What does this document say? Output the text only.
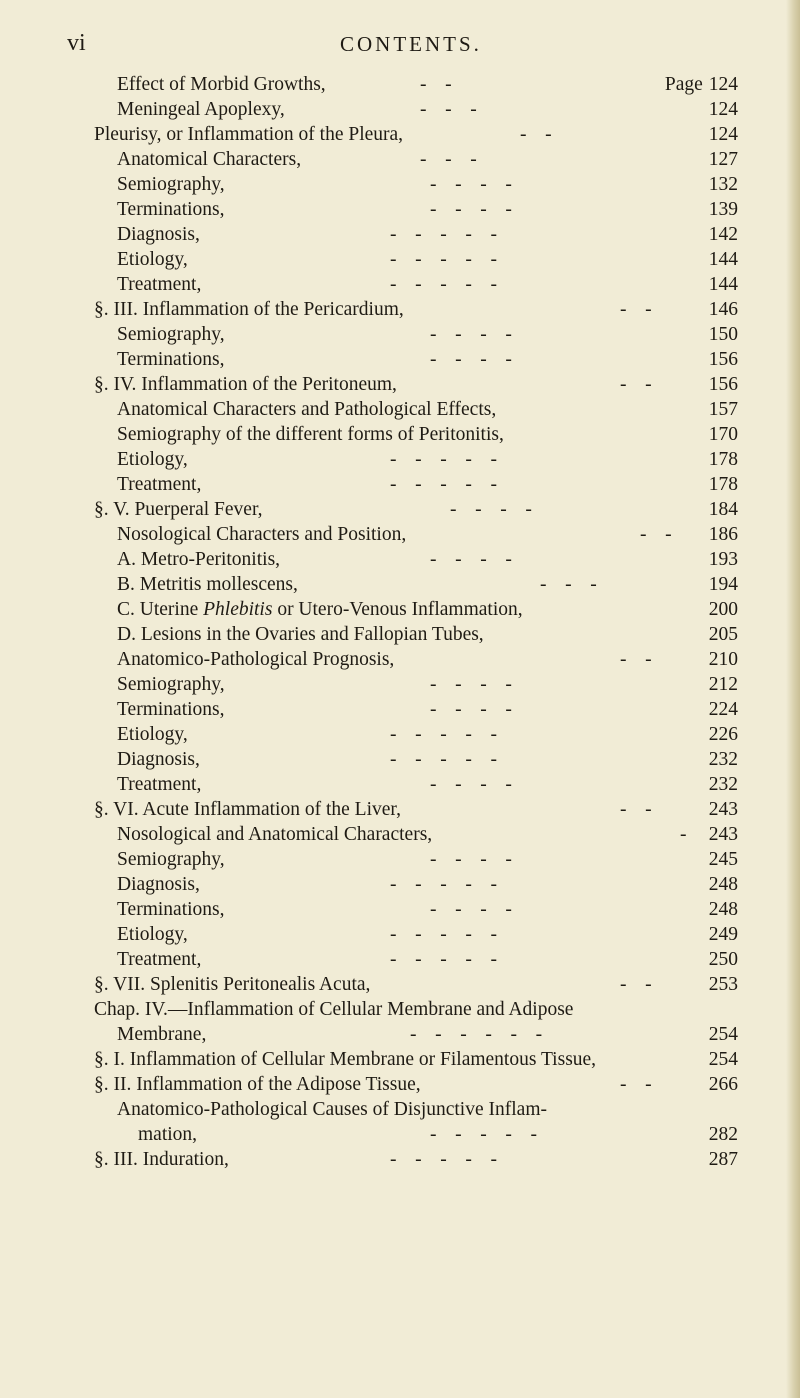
vi	CONTENTS.
Effect of Morbid Growths,	-   -	Page 124
Meningeal Apoplexy,	-   -   -	124
Pleurisy, or Inflammation of the Pleura,	-   -	124
Anatomical Characters,	-   -   -	127
Semiography,	-   -   -   -	132
Terminations,	-   -   -   -	139
Diagnosis,	-   -   -   -   -	142
Etiology,	-   -   -   -   -	144
Treatment,	-   -   -   -   -	144
§. III. Inflammation of the Pericardium,	-   -	146
Semiography,	-   -   -   -	150
Terminations,	-   -   -   -	156
§. IV. Inflammation of the Peritoneum,	-   -	156
Anatomical Characters and Pathological Effects,	157
Semiography of the different forms of Peritonitis,	170
Etiology,	-   -   -   -   -	178
Treatment,	-   -   -   -   -	178
§. V. Puerperal Fever,	-   -   -   -	184
Nosological Characters and Position,	-   - 186
A. Metro-Peritonitis,	-   -   -   -	193
B. Metritis mollescens,	-   -   -	194
C. Uterine Phlebitis or Utero-Venous Inflammation,	200
D. Lesions in the Ovaries and Fallopian Tubes,	205
Anatomico-Pathological Prognosis,	-   -	210
Semiography,	-   -   -   -	212
Terminations,	-   -   -   -	224
Etiology,	-   -   -   -   -	226
Diagnosis,	-   -   -   -   -	232
Treatment,	-   -   -   -	232
§. VI. Acute Inflammation of the Liver,	-   -	243
Nosological and Anatomical Characters,	- 243
Semiography,	-   -   -   -	245
Diagnosis,	-   -   -   -   -	248
Terminations,	-   -   -   -	248
Etiology,	-   -   -   -   -	249
Treatment,	-   -   -   -   -	250
§. VII. Splenitis Peritonealis Acuta,	-   -	253
Chap. IV.—Inflammation of Cellular Membrane and Adipose
Membrane,	-   -   -   -   -   -	254
§. I. Inflammation of Cellular Membrane or Filamentous Tissue,	254
§. II. Inflammation of the Adipose Tissue,	-   -	266
Anatomico-Pathological Causes of Disjunctive Inflam-
mation,	-   -   -   -   -	282
§. III. Induration,	-   -   -   -   -	287
